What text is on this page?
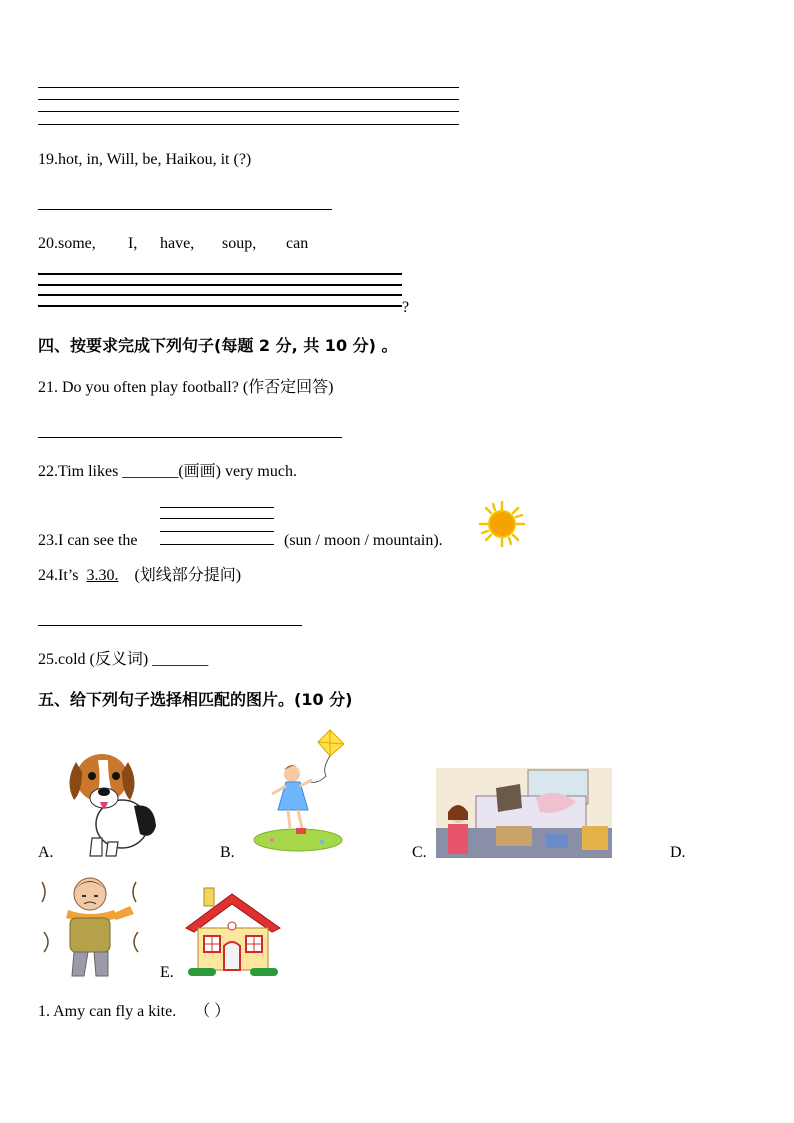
19.hot, in, Will, be, Haikou, it (?)
20.some, I, have, soup, can
?
四、按要求完成下列句子(每题 2 分, 共 10 分) 。
21. Do you often play football? (作否定回答)
22.Tim likes _______(画画) very much.
23.I can see the	(sun / moon / mountain).
24.It’s 3.30. (划线部分提问)
25.cold (反义词) _______
五、给下列句子选择相匹配的图片。(10 分)
A.	B.	C.	D.
E.
1. Amy can fly a kite. （ ）
